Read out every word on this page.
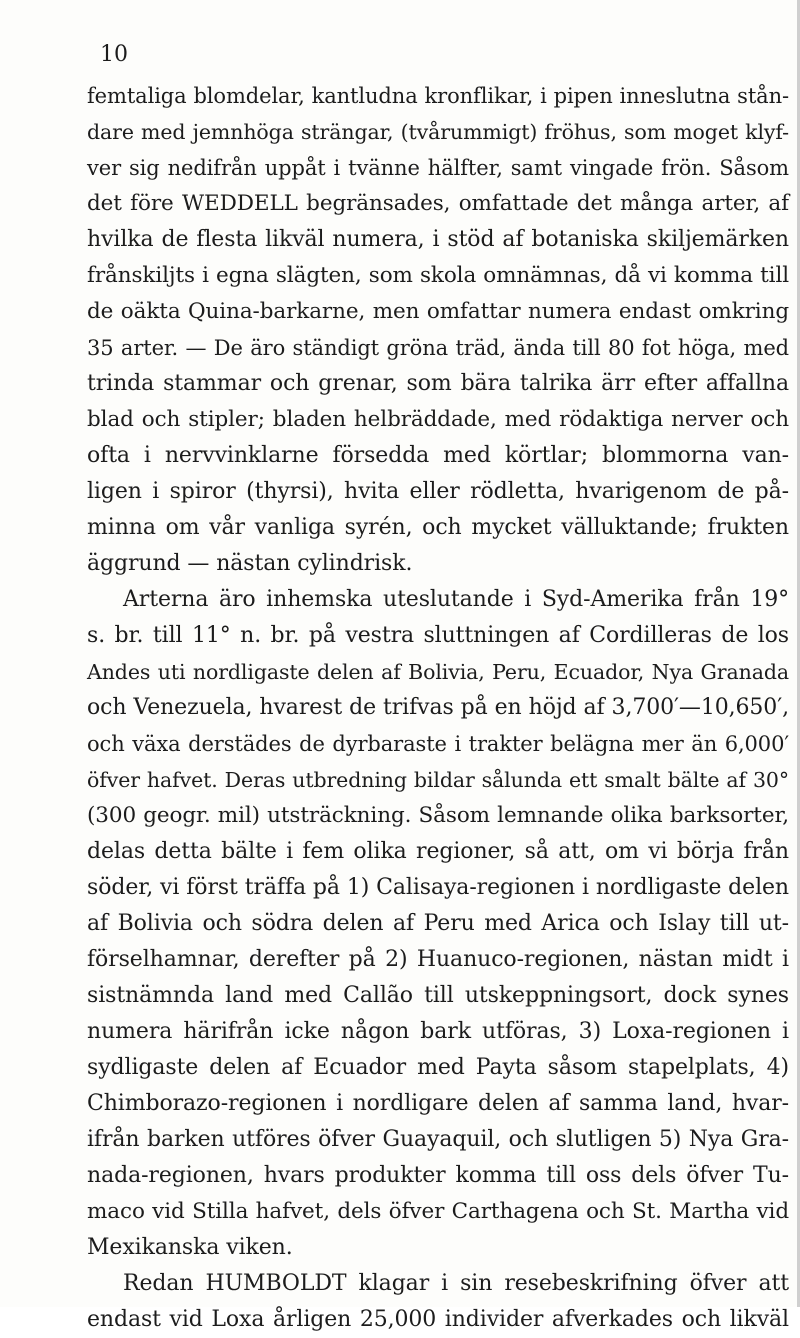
10
femtaliga blomdelar, kantludna kronflikar, i pipen inneslutna stån-
dare med jemnhöga strängar, (tvårummigt) fröhus, som moget klyf-
ver sig nedifrån uppåt i tvänne hälfter, samt vingade frön. Såsom
det före WEDDELL begränsades, omfattade det många arter, af
hvilka de flesta likväl numera, i stöd af botaniska skiljemärken
frånskiljts i egna slägten, som skola omnämnas, då vi komma till
de oäkta Quina-barkarne, men omfattar numera endast omkring
35 arter. — De äro ständigt gröna träd, ända till 80 fot höga, med
trinda stammar och grenar, som bära talrika ärr efter affallna
blad och stipler; bladen helbräddade, med rödaktiga nerver och
ofta i nervvinklarne försedda med körtlar; blommorna van-
ligen i spiror (thyrsi), hvita eller rödletta, hvarigenom de på-
minna om vår vanliga syrén, och mycket välluktande; frukten
äggrund — nästan cylindrisk.
Arterna äro inhemska uteslutande i Syd-Amerika från 19°
s. br. till 11° n. br. på vestra sluttningen af Cordilleras de los
Andes uti nordligaste delen af Bolivia, Peru, Ecuador, Nya Granada
och Venezuela, hvarest de trifvas på en höjd af 3,700′—10,650′,
och växa derstädes de dyrbaraste i trakter belägna mer än 6,000′
öfver hafvet. Deras utbredning bildar sålunda ett smalt bälte af 30°
(300 geogr. mil) utsträckning. Såsom lemnande olika barksorter,
delas detta bälte i fem olika regioner, så att, om vi börja från
söder, vi först träffa på 1) Calisaya-regionen i nordligaste delen
af Bolivia och södra delen af Peru med Arica och Islay till ut-
förselhamnar, derefter på 2) Huanuco-regionen, nästan midt i
sistnämnda land med Callão till utskeppningsort, dock synes
numera härifrån icke någon bark utföras, 3) Loxa-regionen i
sydligaste delen af Ecuador med Payta såsom stapelplats, 4)
Chimborazo-regionen i nordligare delen af samma land, hvar-
ifrån barken utföres öfver Guayaquil, och slutligen 5) Nya Gra-
nada-regionen, hvars produkter komma till oss dels öfver Tu-
maco vid Stilla hafvet, dels öfver Carthagena och St. Martha vid
Mexikanska viken.
Redan HUMBOLDT klagar i sin resebeskrifning öfver att
endast vid Loxa årligen 25,000 individer afverkades och likväl
